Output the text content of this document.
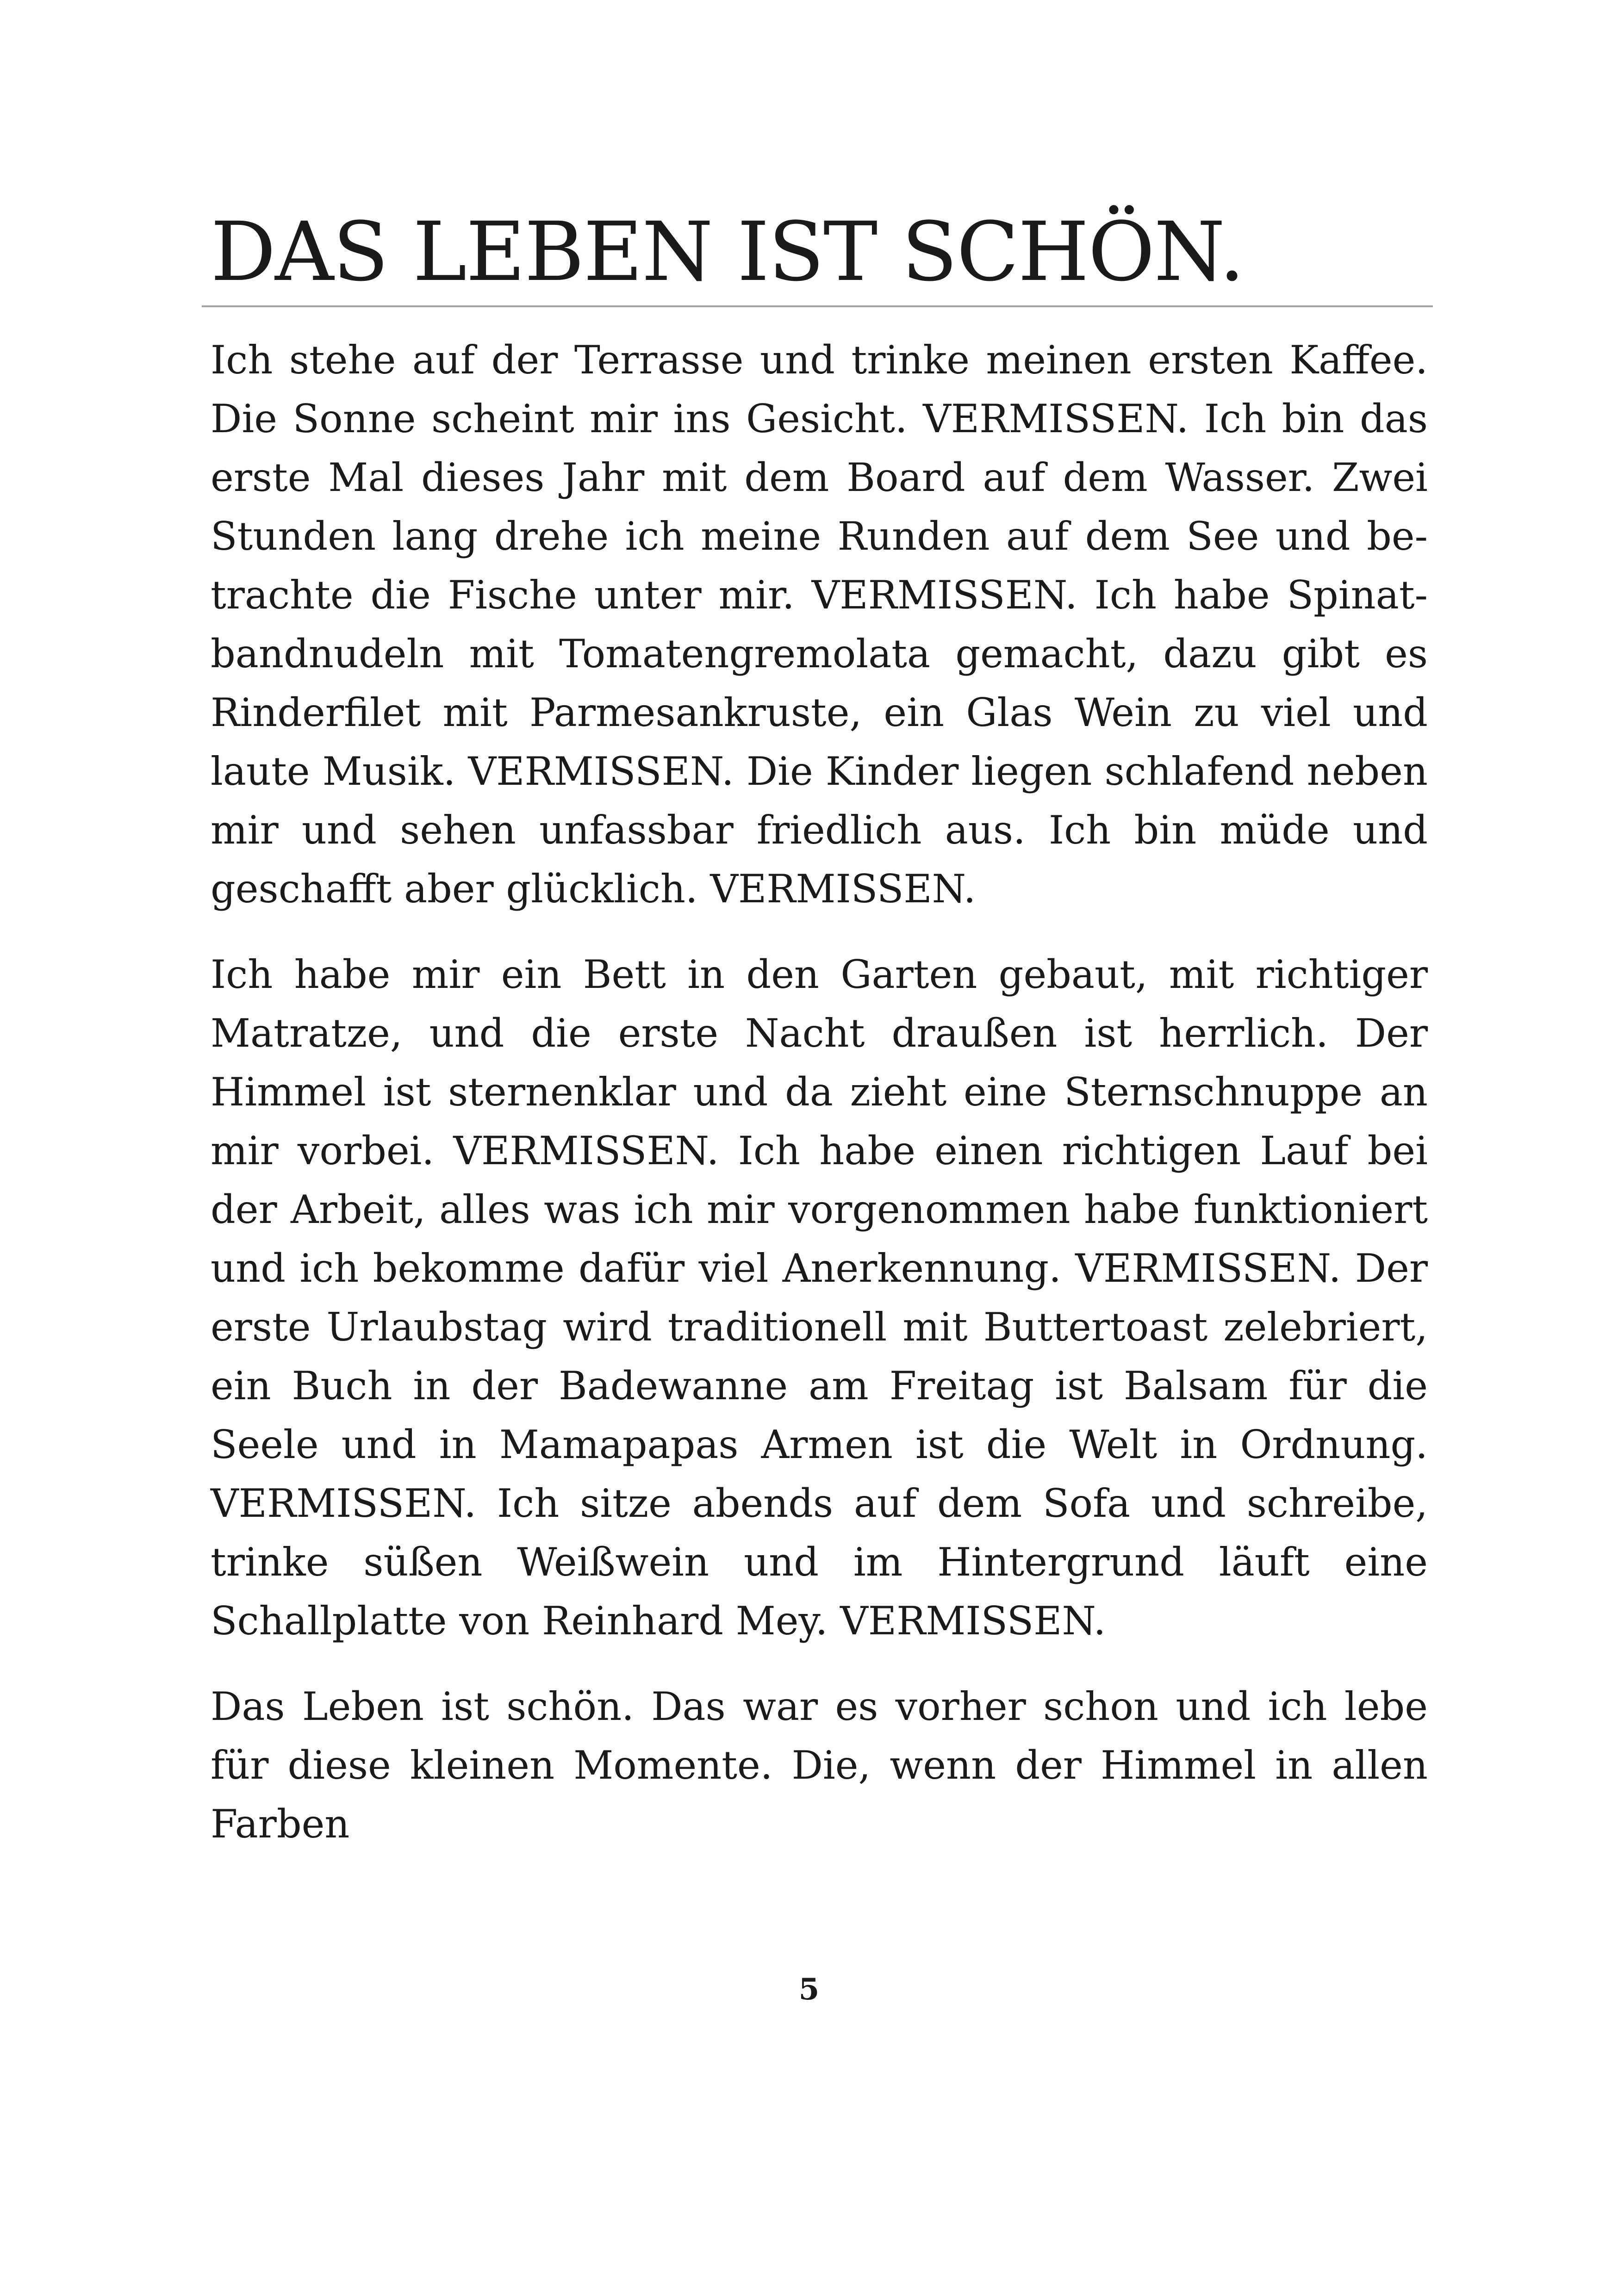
DAS LEBEN IST SCHÖN.

Ich stehe auf der Terrasse und trinke meinen ersten Kaffee. Die Sonne scheint mir ins Gesicht. VERMISSEN. Ich bin das erste Mal dieses Jahr mit dem Board auf dem Wasser. Zwei Stunden lang drehe ich meine Runden auf dem See und betrachte die Fische unter mir. VERMISSEN. Ich habe Spinatbandnudeln mit Tomatengremolata gemacht, dazu gibt es Rinderfilet mit Parmesankruste, ein Glas Wein zu viel und laute Musik. VERMISSEN. Die Kinder liegen schlafend neben mir und sehen unfassbar friedlich aus. Ich bin müde und geschafft aber glücklich. VERMISSEN.

Ich habe mir ein Bett in den Garten gebaut, mit richtiger Matratze, und die erste Nacht draußen ist herrlich. Der Himmel ist sternenklar und da zieht eine Sternschnuppe an mir vorbei. VERMISSEN. Ich habe einen richtigen Lauf bei der Arbeit, alles was ich mir vorgenommen habe funktioniert und ich bekomme dafür viel Anerkennung. VERMISSEN. Der erste Urlaubstag wird traditionell mit Buttertoast zelebriert, ein Buch in der Badewanne am Freitag ist Balsam für die Seele und in Mamapapas Armen ist die Welt in Ordnung. VERMISSEN. Ich sitze abends auf dem Sofa und schreibe, trinke süßen Weißwein und im Hintergrund läuft eine Schallplatte von Reinhard Mey. VERMISSEN.

Das Leben ist schön. Das war es vorher schon und ich lebe für diese kleinen Momente. Die, wenn der Himmel in allen Farben

5
